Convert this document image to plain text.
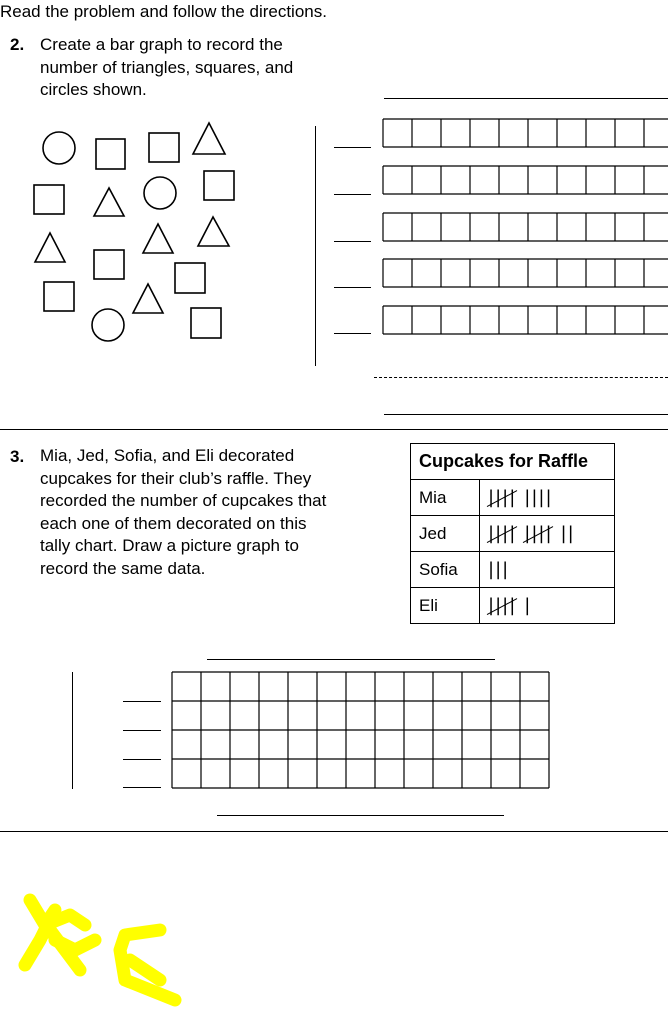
Read the problem and follow the directions.
2. Create a bar graph to record the
number of triangles, squares, and
circles shown.
3. Mia, Jed, Sofia, and Eli decorated
cupcakes for their club’s raffle. They
recorded the number of cupcakes that
each one of them decorated on this
tally chart. Draw a picture graph to
record the same data.
Cupcakes for Raffle	
Mia	|||| ||||
Jed	|||| |||| ||
Sofia	|||
Eli	|||| |
